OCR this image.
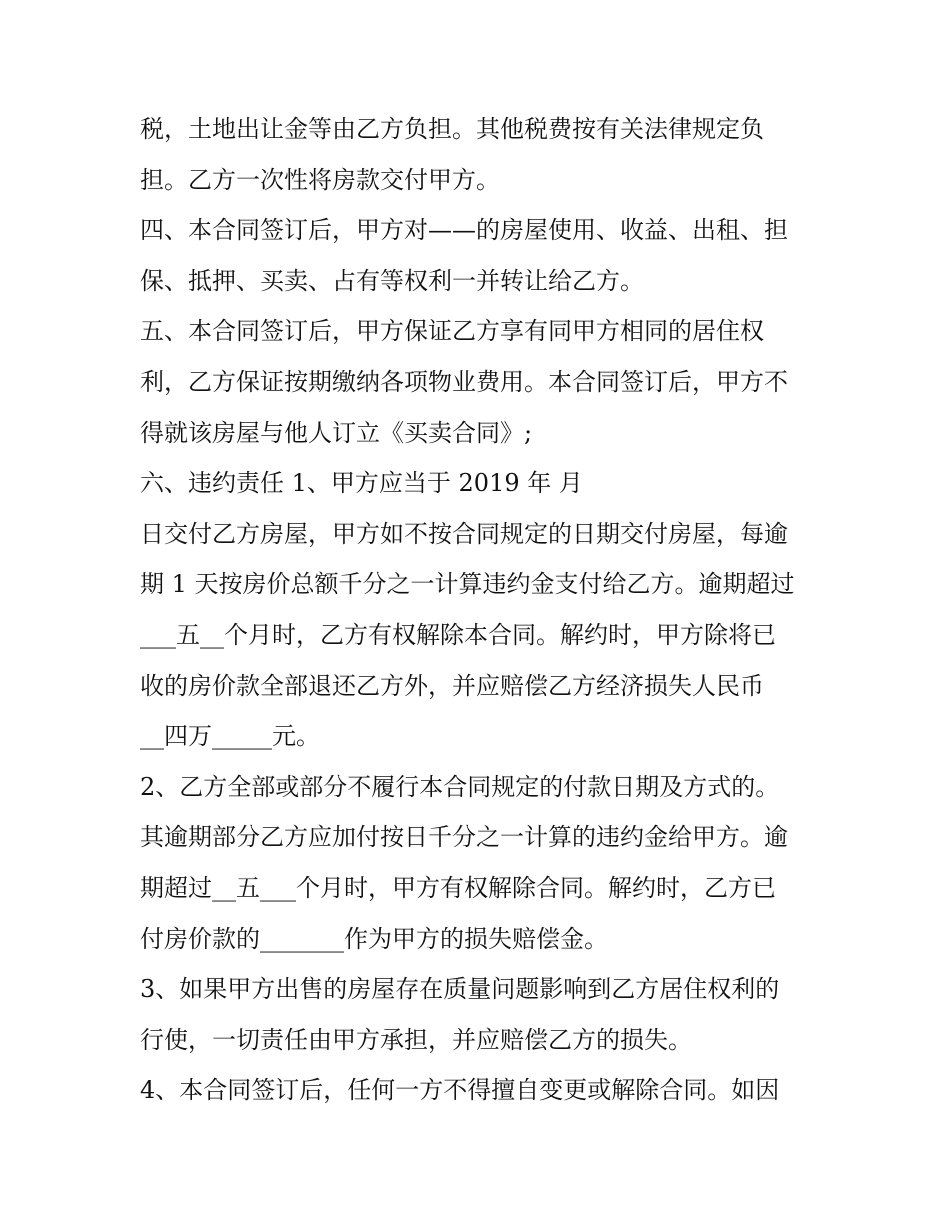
税，土地出让金等由乙方负担。其他税费按有关法律规定负
担。乙方一次性将房款交付甲方。
四、本合同签订后，甲方对——的房屋使用、收益、出租、担
保、抵押、买卖、占有等权利一并转让给乙方。
五、本合同签订后，甲方保证乙方享有同甲方相同的居住权
利，乙方保证按期缴纳各项物业费用。本合同签订后，甲方不
得就该房屋与他人订立《买卖合同》;
六、违约责任 1、甲方应当于 2019 年 月
日交付乙方房屋，甲方如不按合同规定的日期交付房屋，每逾
期 1 天按房价总额千分之一计算违约金支付给乙方。逾期超过
___五__个月时，乙方有权解除本合同。解约时，甲方除将已
收的房价款全部退还乙方外，并应赔偿乙方经济损失人民币
__四万_____元。
2、乙方全部或部分不履行本合同规定的付款日期及方式的。
其逾期部分乙方应加付按日千分之一计算的违约金给甲方。逾
期超过__五___个月时，甲方有权解除合同。解约时，乙方已
付房价款的_______作为甲方的损失赔偿金。
3、如果甲方出售的房屋存在质量问题影响到乙方居住权利的
行使，一切责任由甲方承担，并应赔偿乙方的损失。
4、本合同签订后，任何一方不得擅自变更或解除合同。如因
